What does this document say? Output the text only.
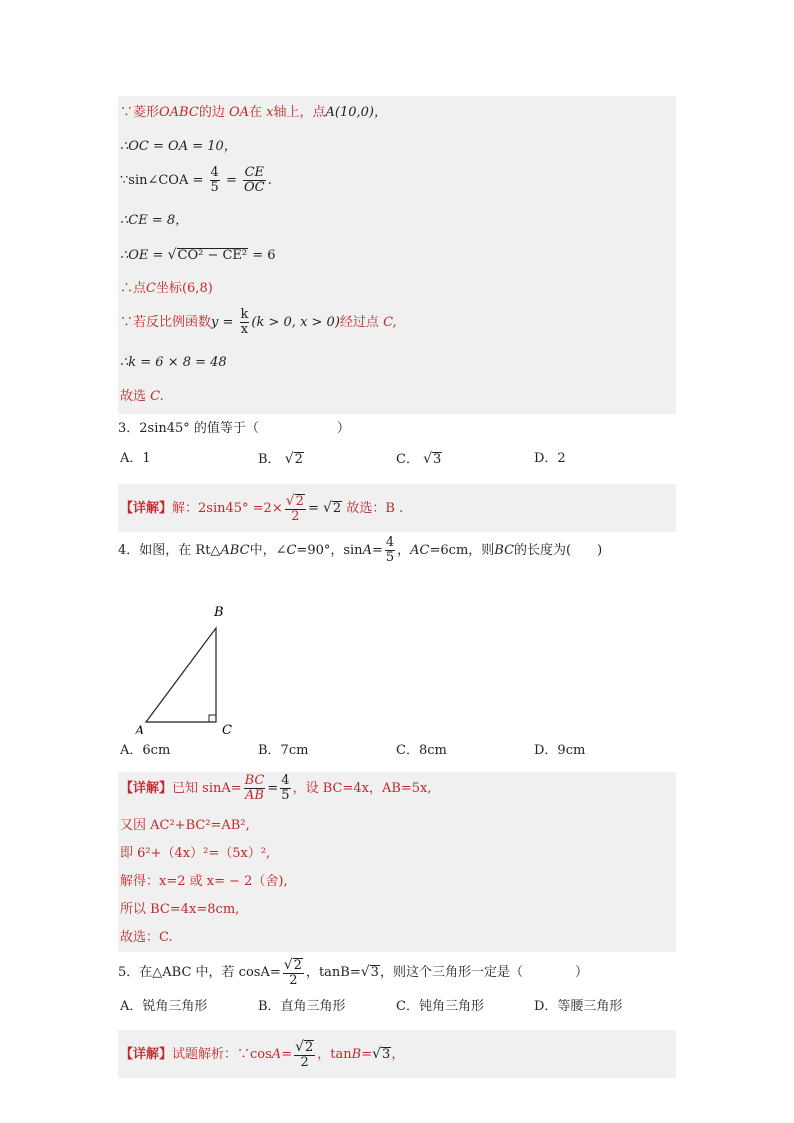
∵菱形OABC的边 OA在 x轴上，点A(10,0)，
∴OC = OA = 10，
∵sin∠COA = $\frac{4}{5} = \frac{CE}{OC}$ .
∴CE = 8，
∴OE = √CO² − CE² = 6
∴点C坐标(6,8)
∵若反比例函数$y = \frac{k}{x} (k > 0$, x > 0)经过点 C,
∴k = 6 × 8 = 48
故选 C.
3．2sin45° 的值等于（　　　　　　）
A．1	B． √2	C． √3	D．2
【详解】解：$2\sin 45^\circ =2\times \frac{√2}{2} = √2$ 故选：B .
4．如图，在 Rt△ABC中，∠C=90°，$\sin A= \frac{4}{5}$ ，AC=6cm，则BC的长度为(　　)
A
B
C
A．6cm	B．7cm	C．8cm	D．9cm
【详解】已知 $\sin A= \frac{BC}{AB} = \frac{4}{5}$ ，设 BC=4x，AB=5x,
又因 AC²+BC²=AB²,
即 6²+（4x）²=（5x）²,
解得：x=2 或 x= − 2（舍),
所以 BC=4x=8cm,
故选：C.
5．在△ABC 中，若 $\cos A= \frac{√2}{2}$ ，tanB=√3，则这个三角形一定是（　　　　）
A．锐角三角形	B．直角三角形	C．钝角三角形	D．等腰三角形
【详解】试题解析：∵cosA= $\frac{√2}{2}$ ，tanB=√3，
